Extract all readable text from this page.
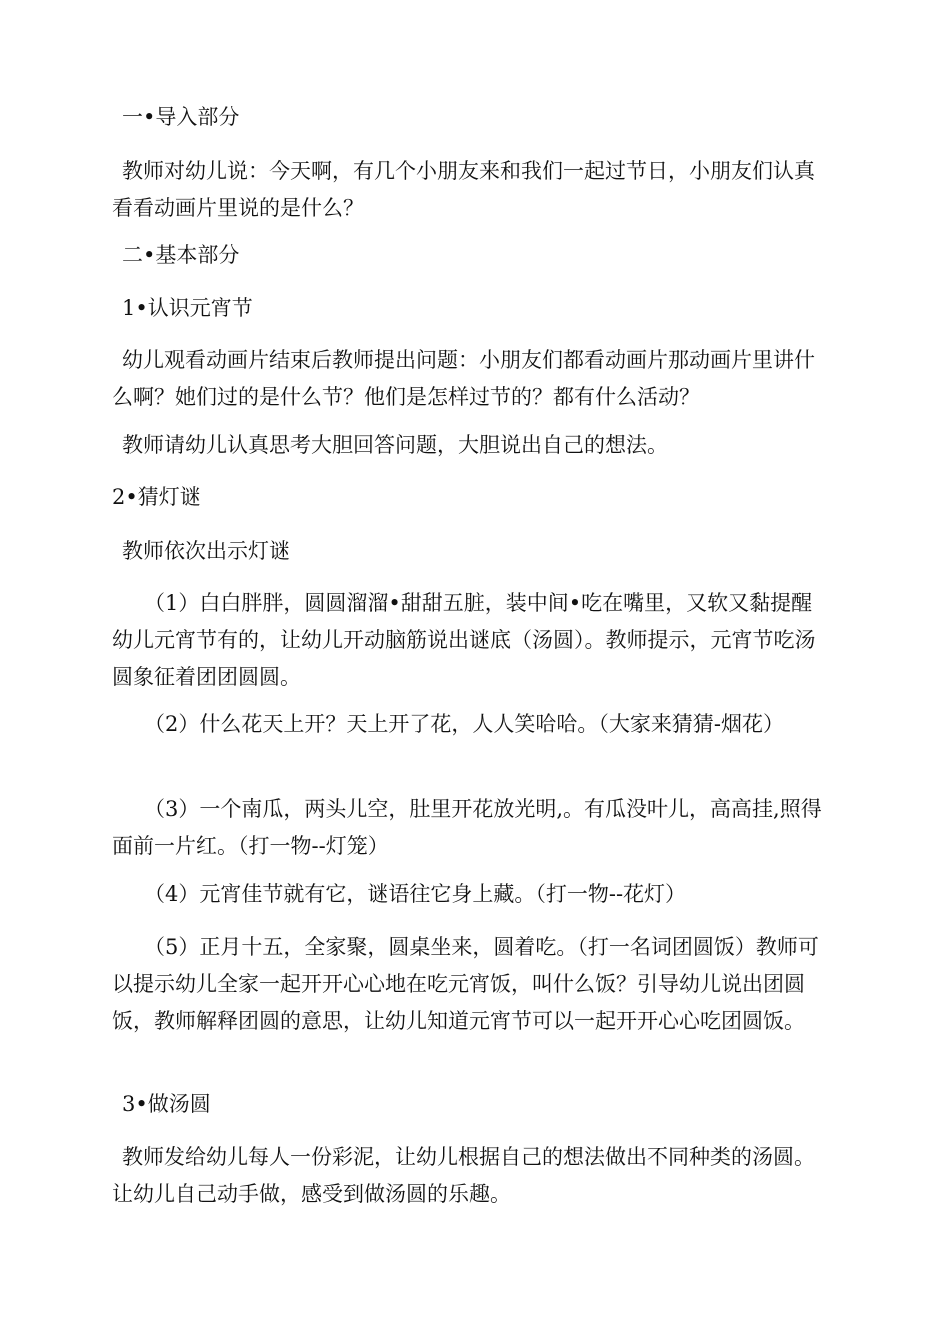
一•导入部分

教师对幼儿说：今天啊，有几个小朋友来和我们一起过节日，小朋友们认真看看动画片里说的是什么？

二•基本部分

1•认识元宵节

幼儿观看动画片结束后教师提出问题：小朋友们都看动画片那动画片里讲什么啊？她们过的是什么节？他们是怎样过节的？都有什么活动？

教师请幼儿认真思考大胆回答问题，大胆说出自己的想法。

2•猜灯谜

教师依次出示灯谜

（1）白白胖胖，圆圆溜溜•甜甜五脏，装中间•吃在嘴里，又软又黏提醒幼儿元宵节有的，让幼儿开动脑筋说出谜底（汤圆）。教师提示，元宵节吃汤圆象征着团团圆圆。

（2）什么花天上开？天上开了花，人人笑哈哈。（大家来猜猜-烟花）

（3）一个南瓜，两头儿空，肚里开花放光明,。有瓜没叶儿，高高挂,照得面前一片红。（打一物--灯笼）

（4）元宵佳节就有它，谜语往它身上藏。（打一物--花灯）

（5）正月十五，全家聚，圆桌坐来，圆着吃。（打一名词团圆饭）教师可以提示幼儿全家一起开开心心地在吃元宵饭，叫什么饭？引导幼儿说出团圆饭，教师解释团圆的意思，让幼儿知道元宵节可以一起开开心心吃团圆饭。

3•做汤圆

教师发给幼儿每人一份彩泥，让幼儿根据自己的想法做出不同种类的汤圆。让幼儿自己动手做，感受到做汤圆的乐趣。
